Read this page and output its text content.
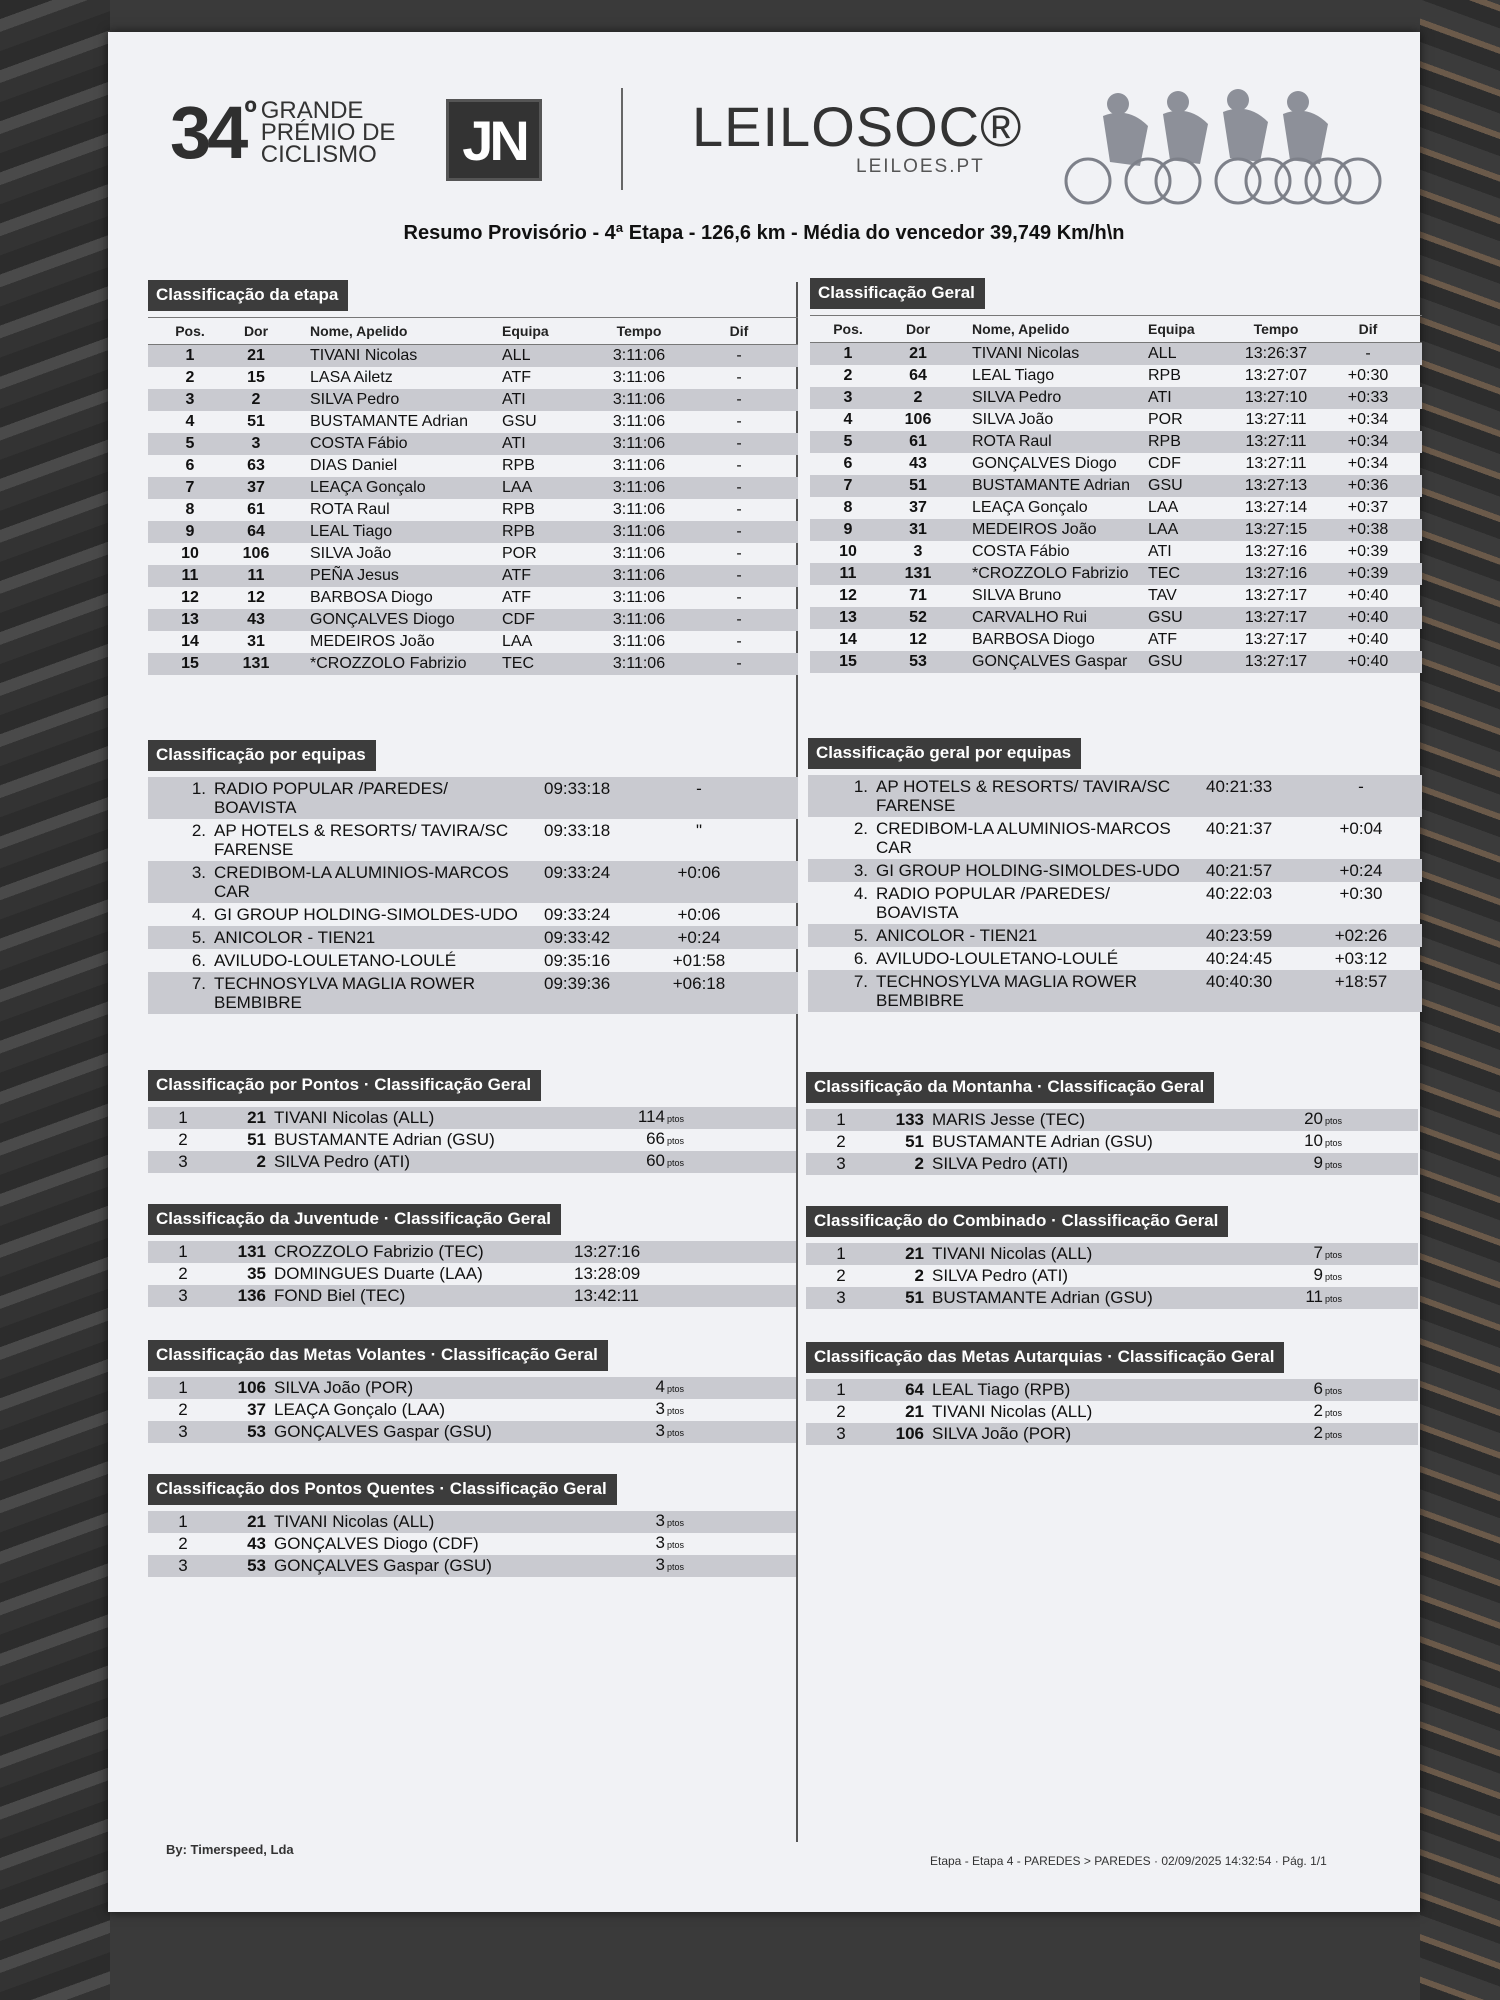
$34^º$ GRANDE
PRÉMIO DE
CICLISMO	JN	LEILOSOC®
LEILOES.PT
Resumo Provisório - 4ª Etapa - 126,6 km - Média do vencedor 39,749 Km/h\n
Classificação da etapa
Pos.	Dor	Nome, Apelido	Equipa	Tempo	Dif
1	21	TIVANI Nicolas	ALL	3:11:06	-
2	15	LASA Ailetz	ATF	3:11:06	-
3	2	SILVA Pedro	ATI	3:11:06	-
4	51	BUSTAMANTE Adrian	GSU	3:11:06	-
5	3	COSTA Fábio	ATI	3:11:06	-
6	63	DIAS Daniel	RPB	3:11:06	-
7	37	LEAÇA Gonçalo	LAA	3:11:06	-
8	61	ROTA Raul	RPB	3:11:06	-
9	64	LEAL Tiago	RPB	3:11:06	-
10	106	SILVA João	POR	3:11:06	-
11	11	PEÑA Jesus	ATF	3:11:06	-
12	12	BARBOSA Diogo	ATF	3:11:06	-
13	43	GONÇALVES Diogo	CDF	3:11:06	-
14	31	MEDEIROS João	LAA	3:11:06	-
15	131	*CROZZOLO Fabrizio	TEC	3:11:06	-
Classificação Geral
Pos.	Dor	Nome, Apelido	Equipa	Tempo	Dif
1	21	TIVANI Nicolas	ALL	13:26:37	-
2	64	LEAL Tiago	RPB	13:27:07	+0:30
3	2	SILVA Pedro	ATI	13:27:10	+0:33
4	106	SILVA João	POR	13:27:11	+0:34
5	61	ROTA Raul	RPB	13:27:11	+0:34
6	43	GONÇALVES Diogo	CDF	13:27:11	+0:34
7	51	BUSTAMANTE Adrian	GSU	13:27:13	+0:36
8	37	LEAÇA Gonçalo	LAA	13:27:14	+0:37
9	31	MEDEIROS João	LAA	13:27:15	+0:38
10	3	COSTA Fábio	ATI	13:27:16	+0:39
11	131	*CROZZOLO Fabrizio	TEC	13:27:16	+0:39
12	71	SILVA Bruno	TAV	13:27:17	+0:40
13	52	CARVALHO Rui	GSU	13:27:17	+0:40
14	12	BARBOSA Diogo	ATF	13:27:17	+0:40
15	53	GONÇALVES Gaspar	GSU	13:27:17	+0:40
Classificação por equipas
1. RADIO POPULAR /PAREDES/ BOAVISTA
09:33:18	-
2. AP HOTELS & RESORTS/ TAVIRA/SC FARENSE
09:33:18	"
3. CREDIBOM-LA ALUMINIOS-MARCOS CAR
09:33:24	+0:06
4. GI GROUP HOLDING-SIMOLDES-UDO	09:33:24	+0:06
5. ANICOLOR - TIEN21	09:33:42	+0:24
6. AVILUDO-LOULETANO-LOULÉ	09:35:16	+01:58
7. TECHNOSYLVA MAGLIA ROWER BEMBIBRE
09:39:36	+06:18
Classificação geral por equipas
1. AP HOTELS & RESORTS/ TAVIRA/SC FARENSE
40:21:33	-
2. CREDIBOM-LA ALUMINIOS-MARCOS CAR
40:21:37	+0:04
3. GI GROUP HOLDING-SIMOLDES-UDO	40:21:57	+0:24
4. RADIO POPULAR /PAREDES/ BOAVISTA
40:22:03	+0:30
5. ANICOLOR - TIEN21	40:23:59	+02:26
6. AVILUDO-LOULETANO-LOULÉ	40:24:45	+03:12
7. TECHNOSYLVA MAGLIA ROWER BEMBIBRE
40:40:30	+18:57
Classificação por Pontos · Classificação Geral
1	21 TIVANI Nicolas (ALL)	114 ptos
2	51 BUSTAMANTE Adrian (GSU)	66 ptos
3	2 SILVA Pedro (ATI)	60 ptos
Classificação da Montanha · Classificação Geral
1	133 MARIS Jesse (TEC)	20 ptos
2	51 BUSTAMANTE Adrian (GSU)	10 ptos
3	2 SILVA Pedro (ATI)	9 ptos
Classificação da Juventude · Classificação Geral
1	131 CROZZOLO Fabrizio (TEC)	13:27:16
2	35 DOMINGUES Duarte (LAA)	13:28:09
3	136 FOND Biel (TEC)	13:42:11
Classificação do Combinado · Classificação Geral
1	21 TIVANI Nicolas (ALL)	7 ptos
2	2 SILVA Pedro (ATI)	9 ptos
3	51 BUSTAMANTE Adrian (GSU)	11 ptos
Classificação das Metas Volantes · Classificação Geral
1	106 SILVA João (POR)	4 ptos
2	37 LEAÇA Gonçalo (LAA)	3 ptos
3	53 GONÇALVES Gaspar (GSU)	3 ptos
Classificação das Metas Autarquias · Classificação Geral
1	64 LEAL Tiago (RPB)	6 ptos
2	21 TIVANI Nicolas (ALL)	2 ptos
3	106 SILVA João (POR)	2 ptos
Classificação dos Pontos Quentes · Classificação Geral
1	21 TIVANI Nicolas (ALL)	3 ptos
2	43 GONÇALVES Diogo (CDF)	3 ptos
3	53 GONÇALVES Gaspar (GSU)	3 ptos
By: Timerspeed, Lda
Etapa - Etapa 4 - PAREDES > PAREDES · 02/09/2025 14:32:54 · Pág. 1/1
